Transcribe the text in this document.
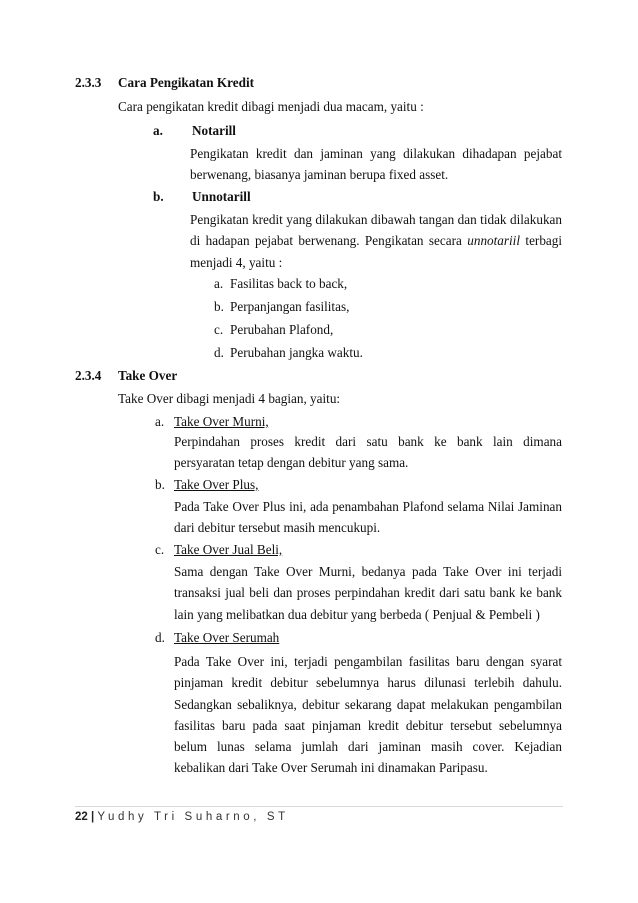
2.3.3 Cara Pengikatan Kredit
Cara pengikatan kredit dibagi menjadi dua macam, yaitu :
a. Notarill
Pengikatan kredit dan jaminan yang dilakukan dihadapan pejabat berwenang, biasanya jaminan berupa fixed asset.
b. Unnotarill
Pengikatan kredit yang dilakukan dibawah tangan dan tidak dilakukan di hadapan pejabat berwenang. Pengikatan secara unnotariil terbagi menjadi 4, yaitu :
a. Fasilitas back to back,
b. Perpanjangan fasilitas,
c. Perubahan Plafond,
d. Perubahan jangka waktu.
2.3.4 Take Over
Take Over dibagi menjadi 4 bagian, yaitu:
a. Take Over Murni,
Perpindahan proses kredit dari satu bank ke bank lain dimana persyaratan tetap dengan debitur yang sama.
b. Take Over Plus,
Pada Take Over Plus ini, ada penambahan Plafond selama Nilai Jaminan dari debitur tersebut masih mencukupi.
c. Take Over Jual Beli,
Sama dengan Take Over Murni, bedanya pada Take Over ini terjadi transaksi jual beli dan proses perpindahan kredit dari satu bank ke bank lain yang melibatkan dua debitur yang berbeda ( Penjual & Pembeli )
d. Take Over Serumah
Pada Take Over ini, terjadi pengambilan fasilitas baru dengan syarat pinjaman kredit debitur sebelumnya harus dilunasi terlebih dahulu. Sedangkan sebaliknya, debitur sekarang dapat melakukan pengambilan fasilitas baru pada saat pinjaman kredit debitur tersebut sebelumnya belum lunas selama jumlah dari jaminan masih cover. Kejadian kebalikan dari Take Over Serumah ini dinamakan Paripasu.
22 | Yudhy Tri Suharno, ST
